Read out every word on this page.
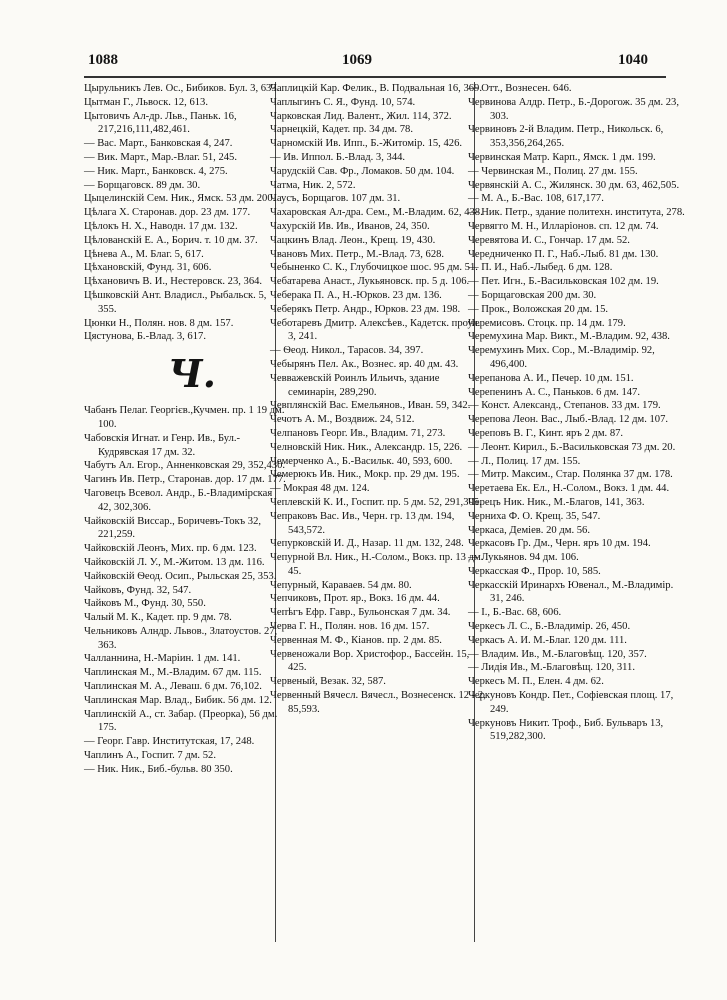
1088	1069	1040

Цырульникъ Лев. Ос., Бибиков. Бул. 3, 633.

Цытман Г., Львоск. 12, 613.

Цытовичъ Ал-др. Льв., Паньк. 16, 217,216,111,482,461.

— Вас. Март., Банковская 4, 247.

— Вик. Март., Мар.-Влаг. 51, 245.

— Ник. Март., Банковск. 4, 275.

— Борщаговск. 89 дм. 30.

Цыцелинскій Сем. Ник., Ямск. 53 дм. 200.

Цѣлага Х. Старонав. дор. 23 дм. 177.

Цѣлокъ Н. Х., Наводн. 17 дм. 132.

Цѣлованскій Е. А., Борич. т. 10 дм. 37.

Цѣнева А., М. Благ. 5, 617.

Цѣхановскій, Фунд. 31, 606.

Цѣхановичъ В. И., Нестеровск. 23, 364.

Цѣшковскій Ант. Владисл., Рыбальск. 5, 355.

Цюнки Н., Полян. нов. 8 дм. 157.

Цястунова, Б.-Влад. 3, 617.

Ч.

Чабанъ Пелаг. Георгієв.,Кучмен. пр. 1 19 дм. 100.

Чабовскія Игнат. и Генр. Ив., Бул.-Кудрявская 17 дм. 32.

Чабутъ Ал. Егор., Анненковская 29, 352,430.

Чагинъ Ив. Петр., Старонав. дор. 17 дм. 177.

Чаговецъ Всевол. Андр., Б.-Владимірская 42, 302,306.

Чайковскій Виссар., Боричевъ-Токъ 32, 221,259.

Чайковскій Леонъ, Мих. пр. 6 дм. 123.

Чайковскій Л. У., М.-Житом. 13 дм. 116.

Чайковскій Ѳеод. Осип., Рыльская 25, 353.

Чайковъ, Фунд. 32, 547.

Чайковъ М., Фунд. 30, 550.

Чалый М. К., Кадет. пр. 9 дм. 78.

Чельниковъ Алндр. Львов., Златоустов. 27, 363.

Чалланнина, Н.-Маріин. 1 дм. 141.

Чаплинская М., М.-Владим. 67 дм. 115.

Чаплинская М. А., Леваш. 6 дм. 76,102.

Чаплинская Мар. Влад., Бибик. 56 дм. 12.

Чаплинскій А., ст. Забар. (Преорка), 56 дм. 175.

— Георг. Гавр. Институтская, 17, 248.

Чаплинъ А., Госпит. 7 дм. 52.

— Ник. Ник., Биб.-бульв. 80 350.

Чаплицкій Кар. Фелик., В. Подвальная 16, 369.

Чаплыгинъ С. Я., Фунд. 10, 574.

Чарковская Лид. Валент., Жил. 114, 372.

Чарнецкій, Кадет. пр. 34 дм. 78.

Чарномскій Ив. Ипп., Б.-Житомір. 15, 426.

— Ив. Иппол. Б.-Влад. 3, 344.

Чарудскій Сав. Фр., Ломаков. 50 дм. 104.

Чатма, Ник. 2, 572.

Чаусъ, Борщагов. 107 дм. 31.

Чахаровская Ал-дра. Сем., М.-Владим. 62, 438.

Чахурскій Ив. Ив., Иванов, 24, 350.

Чацкинъ Влад. Леон., Крещ. 19, 430.

Чвановъ Мих. Петр., М.-Влад. 73, 628.

Чебыненко С. К., Глубочицкое шос. 95 дм. 51.

Чебатарева Анаст., Лукьяновск. пр. 5 д. 106.

Чеберака П. А., Н.-Юрков. 23 дм. 136.

Чеберякъ Петр. Андр., Юрков. 23 дм. 198.

Чеботаревъ Дмитр. Алексѣев., Кадетск. проул. 3, 241.

— Ѳеод. Никол., Тарасов. 34, 397.

Чебырянъ Пел. Ак., Вознес. яр. 40 дм. 43.

Чевважевскій Роинлъ Ильичъ, здание семинарін, 289,290.

Чевплянскій Вас. Емельянов., Иван. 59, 342.

Чечотъ А. М., Воздвиж. 24, 512.

Челпановъ Георг. Ив., Владим. 71, 273.

Челновскій Ник. Ник., Александр. 15, 226.

Чемерченко А., Б.-Васильк. 40, 593, 600.

Чемерюкъ Ив. Ник., Мокр. пр. 29 дм. 195.

— Мокрая 48 дм. 124.

Чеплевскій К. И., Госпит. пр. 5 дм. 52, 291,305.

Чепраковъ Вас. Ив., Черн. гр. 13 дм. 194, 543,572.

Чепурковскій И. Д., Назар. 11 дм. 132, 248.

Чепурной Вл. Ник., Н.-Солом., Вокз. пр. 13 дм. 45.

Чепурный, Караваев. 54 дм. 80.

Чепчиковъ, Прот. яр., Вокз. 16 дм. 44.

Чепѣгъ Ефр. Гавр., Бульонская 7 дм. 34.

Черва Г. Н., Полян. нов. 16 дм. 157.

Червенная М. Ф., Кіанов. пр. 2 дм. 85.

Червеножали Вор. Христофор., Бассейн. 15, 425.

Червеный, Везак. 32, 587.

Червенный Вячесл. Вячесл., Вознесенск. 12 - 2, 85,593.

— Отт., Вознесен. 646.

Червинова Алдр. Петр., Б.-Дорогож. 35 дм. 23, 303.

Червиновъ 2-й Владим. Петр., Никольск. 6, 353,356,264,265.

Червинская Матр. Карп., Ямск. 1 дм. 199.

— Червинская М., Полиц. 27 дм. 155.

Червянскій А. С., Жилянск. 30 дм. 63, 462,505.

— М. А., Б.-Вас. 108, 617,177.

— Ник. Петр., здание политехн. института, 278.

Червягго М. Н., Илларіонов. сп. 12 дм. 74.

Черевятова И. С., Гончар. 17 дм. 52.

Чередниченко П. Г., Наб.-Лыб. 81 дм. 130.

— П. И., Наб.-Лыбед. 6 дм. 128.

— Пет. Игн., Б.-Васильковская 102 дм. 19.

— Борщаговская 200 дм. 30.

— Прок., Воложская 20 дм. 15.

Черемисовъ. Стоцк. пр. 14 дм. 179.

Черемухина Мар. Викт., М.-Владим. 92, 438.

Черемухинъ Мих. Сор., М.-Владимір. 92, 496,400.

Черепанова А. И., Печер. 10 дм. 151.

Черепенинъ А. С., Паньков. 6 дм. 147.

— Конст. Александ., Степанов. 33 дм. 179.

Черепова Леон. Вас., Лыб.-Влад. 12 дм. 107.

Череповъ В. Г., Кинт. яръ 2 дм. 87.

— Леонт. Кирил., Б.-Васильковская 73 дм. 20.

— Л., Полиц. 17 дм. 155.

— Митр. Максим., Стар. Полянка 37 дм. 178.

Черетаева Ек. Ел., Н.-Солом., Вокз. 1 дм. 44.

Черецъ Ник. Ник., М.-Благов, 141, 363.

Черниха Ф. О. Крещ. 35, 547.

Черкаса, Деміев. 20 дм. 56.

Черкасовъ Гр. Дм., Черн. яръ 10 дм. 194.

— Лукьянов. 94 дм. 106.

Черкасская Ф., Прор. 10, 585.

Черкасскій Иринархъ Ювенал., М.-Владимір. 31, 246.

— І., Б.-Вас. 68, 606.

Черкесъ Л. С., Б.-Владимір. 26, 450.

Черкасъ А. И. М.-Благ. 120 дм. 111.

— Владим. Ив., М.-Благовѣщ. 120, 357.

— Лидія Ив., М.-Благовѣщ. 120, 311.

Черкесъ М. П., Елен. 4 дм. 62.

Черкуновъ Кондр. Пет., Софіевская площ. 17, 249.

Черкуновъ Никит. Троф., Биб. Бульваръ 13, 519,282,300.
